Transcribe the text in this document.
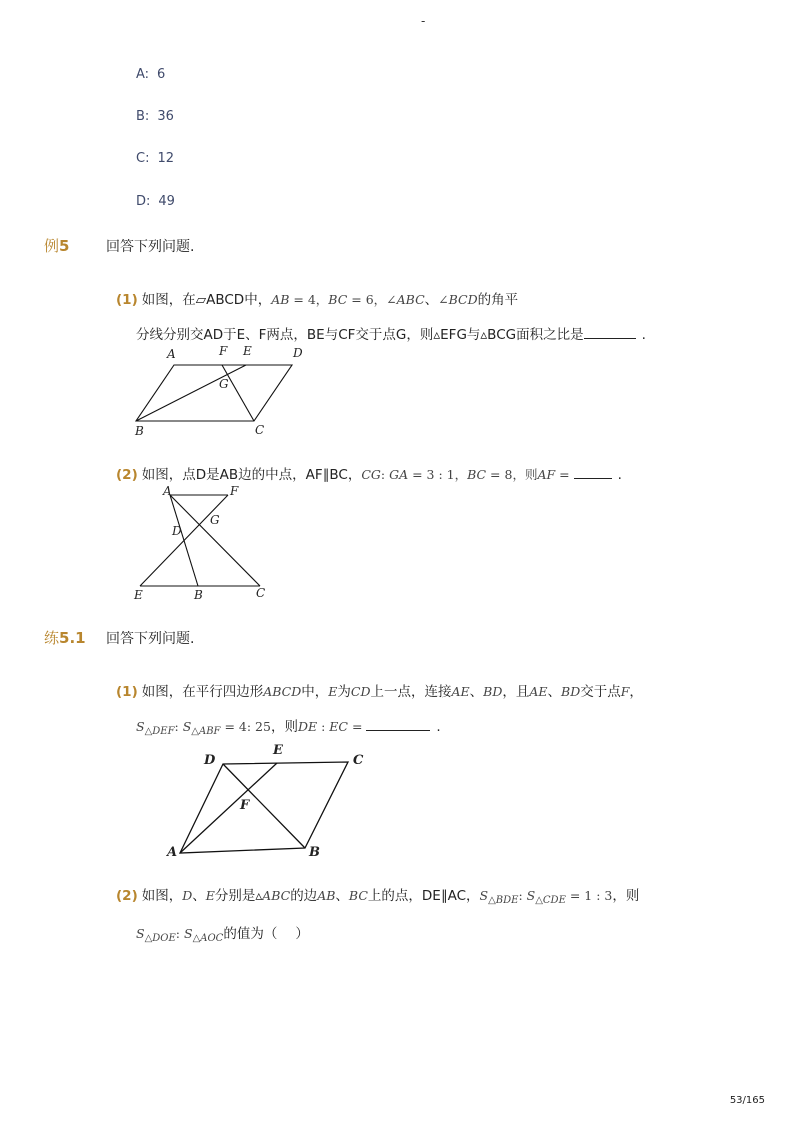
-
A: 6
B: 36
C: 12
D: 49
例5	回答下列问题.
(1) 如图，在▱ABCD中，AB = 4，BC = 6，∠ABC、∠BCD的角平
分线分别交AD于E、F两点，BE与CF交于点G，则▵EFG与▵BCG面积之比是	.
A	F E	D
G
B	C
(2) 如图，点D是AB边的中点，AF∥BC，CG: GA = 3 : 1，BC = 8，则AF =	.
A	F
D
G
E	B	C
练5.1 回答下列问题.
(1) 如图，在平行四边形ABCD中，E为CD上一点，连接AE、BD，且AE、BD交于点F，
$S_{\triangle DEF}$: $S_{\triangle ABF} = 4$: 25，则DE : EC =	.
D
E
C
F
A	B
(2) 如图，D、E分别是▵ABC的边AB、BC上的点，DE∥AC，$S_{\triangle BDE}$: $S_{\triangle CDE} = 1$ : 3，则
$S_{\triangle DOE}$: $S_{\triangle AOC}$的值为（ ）
53/165
